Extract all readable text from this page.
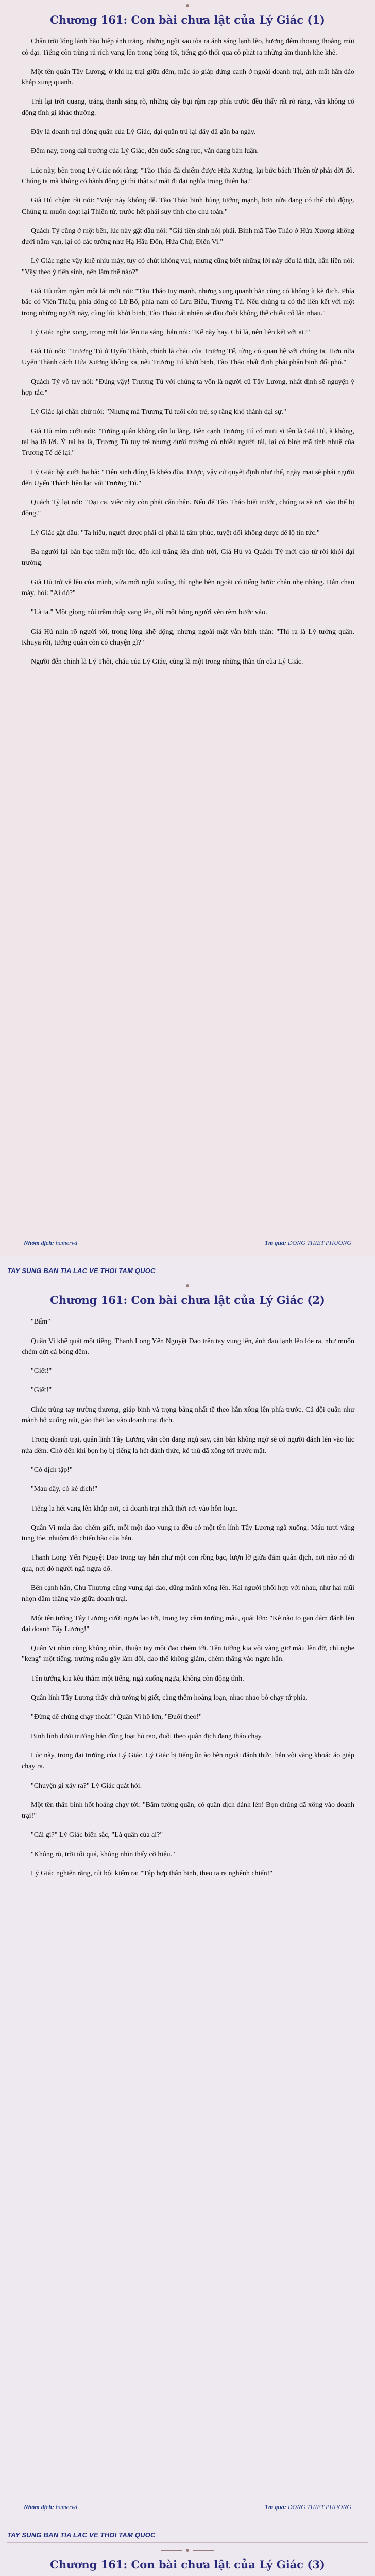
Chương 161: Con bài chưa lật của Lý Giác (1)

Chân trời lóng lánh hào hiệp ánh trăng, những ngôi sao tỏa ra ánh sáng lạnh lẽo, hương đêm thoang thoảng mùi cỏ dại. Tiếng côn trùng rả rích vang lên trong bóng tối, tiếng gió thổi qua cỏ phát ra những âm thanh khe khẽ.

Một tên quân Tây Lương, ở khi hạ trại giữa đêm, mặc áo giáp đứng canh ở ngoài doanh trại, ánh mắt hắn đảo khắp xung quanh.

Trải lại trời quang, trăng thanh sáng rõ, những cây bụi rậm rạp phía trước đều thấy rất rõ ràng, vẫn không có động tĩnh gì khác thường.

Đây là doanh trại đóng quân của Lý Giác, đại quân trú lại đây đã gần ba ngày.

Đêm nay, trong đại trướng của Lý Giác, đèn đuốc sáng rực, vẫn đang bàn luận.

Lúc này, bên trong Lý Giác nói rằng: "Tào Tháo đã chiếm được Hứa Xương, lại bức bách Thiên tử phải dời đô. Chúng ta mà không có hành động gì thì thật sự mất đi đại nghĩa trong thiên hạ."

Giả Hủ chậm rãi nói: "Việc này không dễ. Tào Tháo binh hùng tướng mạnh, hơn nữa đang có thế chủ động. Chúng ta muốn đoạt lại Thiên tử, trước hết phải suy tính cho chu toàn."

Quách Tỷ cũng ở một bên, lúc này gật đầu nói: "Giả tiên sinh nói phải. Binh mã Tào Tháo ở Hứa Xương không dưới năm vạn, lại có các tướng như Hạ Hầu Đôn, Hứa Chử, Điển Vi."

Lý Giác nghe vậy khẽ nhíu mày, tuy có chút không vui, nhưng cũng biết những lời này đều là thật, hắn liền nói: "Vậy theo ý tiên sinh, nên làm thế nào?"

Giả Hủ trầm ngâm một lát mới nói: "Tào Tháo tuy mạnh, nhưng xung quanh hắn cũng có không ít kẻ địch. Phía bắc có Viên Thiệu, phía đông có Lữ Bố, phía nam có Lưu Biểu, Trương Tú. Nếu chúng ta có thể liên kết với một trong những người này, cùng lúc khởi binh, Tào Tháo tất nhiên sẽ đầu đuôi không thể chiếu cố lẫn nhau."

Lý Giác nghe xong, trong mắt lóe lên tia sáng, hắn nói: "Kế này hay. Chỉ là, nên liên kết với ai?"

Giả Hủ nói: "Trương Tú ở Uyển Thành, chính là cháu của Trương Tế, từng có quan hệ với chúng ta. Hơn nữa Uyển Thành cách Hứa Xương không xa, nếu Trương Tú khởi binh, Tào Tháo nhất định phải phân binh đối phó."

Quách Tỷ vỗ tay nói: "Đúng vậy! Trương Tú với chúng ta vốn là người cũ Tây Lương, nhất định sẽ nguyện ý hợp tác."

Lý Giác lại chần chừ nói: "Nhưng mà Trương Tú tuổi còn trẻ, sợ rằng khó thành đại sự."

Giả Hủ mỉm cười nói: "Tướng quân không cần lo lắng. Bên cạnh Trương Tú có mưu sĩ tên là Giả Hủ, à không, tại hạ lỡ lời. Ý tại hạ là, Trương Tú tuy trẻ nhưng dưới trướng có nhiều người tài, lại có binh mã tinh nhuệ của Trương Tế để lại."

Lý Giác bật cười ha hả: "Tiên sinh đúng là khéo đùa. Được, vậy cứ quyết định như thế, ngày mai sẽ phái người đến Uyển Thành liên lạc với Trương Tú."

Quách Tỷ lại nói: "Đại ca, việc này còn phải cẩn thận. Nếu để Tào Tháo biết trước, chúng ta sẽ rơi vào thế bị động."

Lý Giác gật đầu: "Ta hiểu, người được phái đi phải là tâm phúc, tuyệt đối không được để lộ tin tức."

Ba người lại bàn bạc thêm một lúc, đến khi trăng lên đỉnh trời, Giả Hủ và Quách Tỷ mới cáo từ rời khỏi đại trướng.

Giả Hủ trở về lều của mình, vừa mới ngồi xuống, thì nghe bên ngoài có tiếng bước chân nhẹ nhàng. Hắn chau mày, hỏi: "Ai đó?"

"Là ta." Một giọng nói trầm thấp vang lên, rồi một bóng người vén rèm bước vào.

Giả Hủ nhìn rõ người tới, trong lòng khẽ động, nhưng ngoài mặt vẫn bình thản: "Thì ra là Lý tướng quân. Khuya rồi, tướng quân còn có chuyện gì?"

Người đến chính là Lý Thôi, cháu của Lý Giác, cũng là một trong những thân tín của Lý Giác.

Nhóm dịch: hamervd	Tm quá: DONG THIET PHUONG
TAY SUNG BAN TIA LAC VE THOI TAM QUOC
Chương 161: Con bài chưa lật của Lý Giác (2)

"Bẩm"

Quân Vi khẽ quát một tiếng, Thanh Long Yển Nguyệt Đao trên tay vung lên, ánh đao lạnh lẽo lóe ra, như muốn chém đứt cả bóng đêm.

"Giết!"

"Giết!"

Chúc trùng tay trường thương, giáp binh và trọng bảng nhất tề theo hắn xông lên phía trước. Cả đội quân như mãnh hổ xuống núi, gào thét lao vào doanh trại địch.

Trong doanh trại, quân lính Tây Lương vẫn còn đang ngủ say, căn bản không ngờ sẽ có người đánh lén vào lúc nửa đêm. Chờ đến khi bọn họ bị tiếng la hét đánh thức, kẻ thù đã xông tới trước mặt.

"Có địch tập!"

"Mau dậy, có kẻ địch!"

Tiếng la hét vang lên khắp nơi, cả doanh trại nhất thời rơi vào hỗn loạn.

Quân Vi múa đao chém giết, mỗi một đao vung ra đều có một tên lính Tây Lương ngã xuống. Máu tươi văng tung tóe, nhuộm đỏ chiến bào của hắn.

Thanh Long Yển Nguyệt Đao trong tay hắn như một con rồng bạc, lượn lờ giữa đám quân địch, nơi nào nó đi qua, nơi đó người ngã ngựa đổ.

Bên cạnh hắn, Chu Thương cũng vung đại đao, dũng mãnh xông lên. Hai người phối hợp với nhau, như hai mũi nhọn đâm thẳng vào giữa doanh trại.

Một tên tướng Tây Lương cưỡi ngựa lao tới, trong tay cầm trường mâu, quát lớn: "Kẻ nào to gan dám đánh lén đại doanh Tây Lương!"

Quân Vi nhìn cũng không nhìn, thuận tay một đao chém tới. Tên tướng kia vội vàng giơ mâu lên đỡ, chỉ nghe "keng" một tiếng, trường mâu gãy làm đôi, đao thế không giảm, chém thẳng vào ngực hắn.

Tên tướng kia kêu thảm một tiếng, ngã xuống ngựa, không còn động tĩnh.

Quân lính Tây Lương thấy chủ tướng bị giết, càng thêm hoảng loạn, nhao nhao bỏ chạy tứ phía.

"Đừng để chúng chạy thoát!" Quân Vi hô lớn, "Đuổi theo!"

Binh lính dưới trướng hắn đồng loạt hò reo, đuổi theo quân địch đang tháo chạy.

Lúc này, trong đại trướng của Lý Giác, Lý Giác bị tiếng ồn ào bên ngoài đánh thức, hắn vội vàng khoác áo giáp chạy ra.

"Chuyện gì xảy ra?" Lý Giác quát hỏi.

Một tên thân binh hốt hoảng chạy tới: "Bẩm tướng quân, có quân địch đánh lén! Bọn chúng đã xông vào doanh trại!"

"Cái gì?" Lý Giác biến sắc, "Là quân của ai?"

"Không rõ, trời tối quá, không nhìn thấy cờ hiệu."

Lý Giác nghiến răng, rút bội kiếm ra: "Tập hợp thân binh, theo ta ra nghênh chiến!"

Nhóm dịch: hamervd	Tm quá: DONG THIET PHUONG
TAY SUNG BAN TIA LAC VE THOI TAM QUOC
Chương 161: Con bài chưa lật của Lý Giác (3)
